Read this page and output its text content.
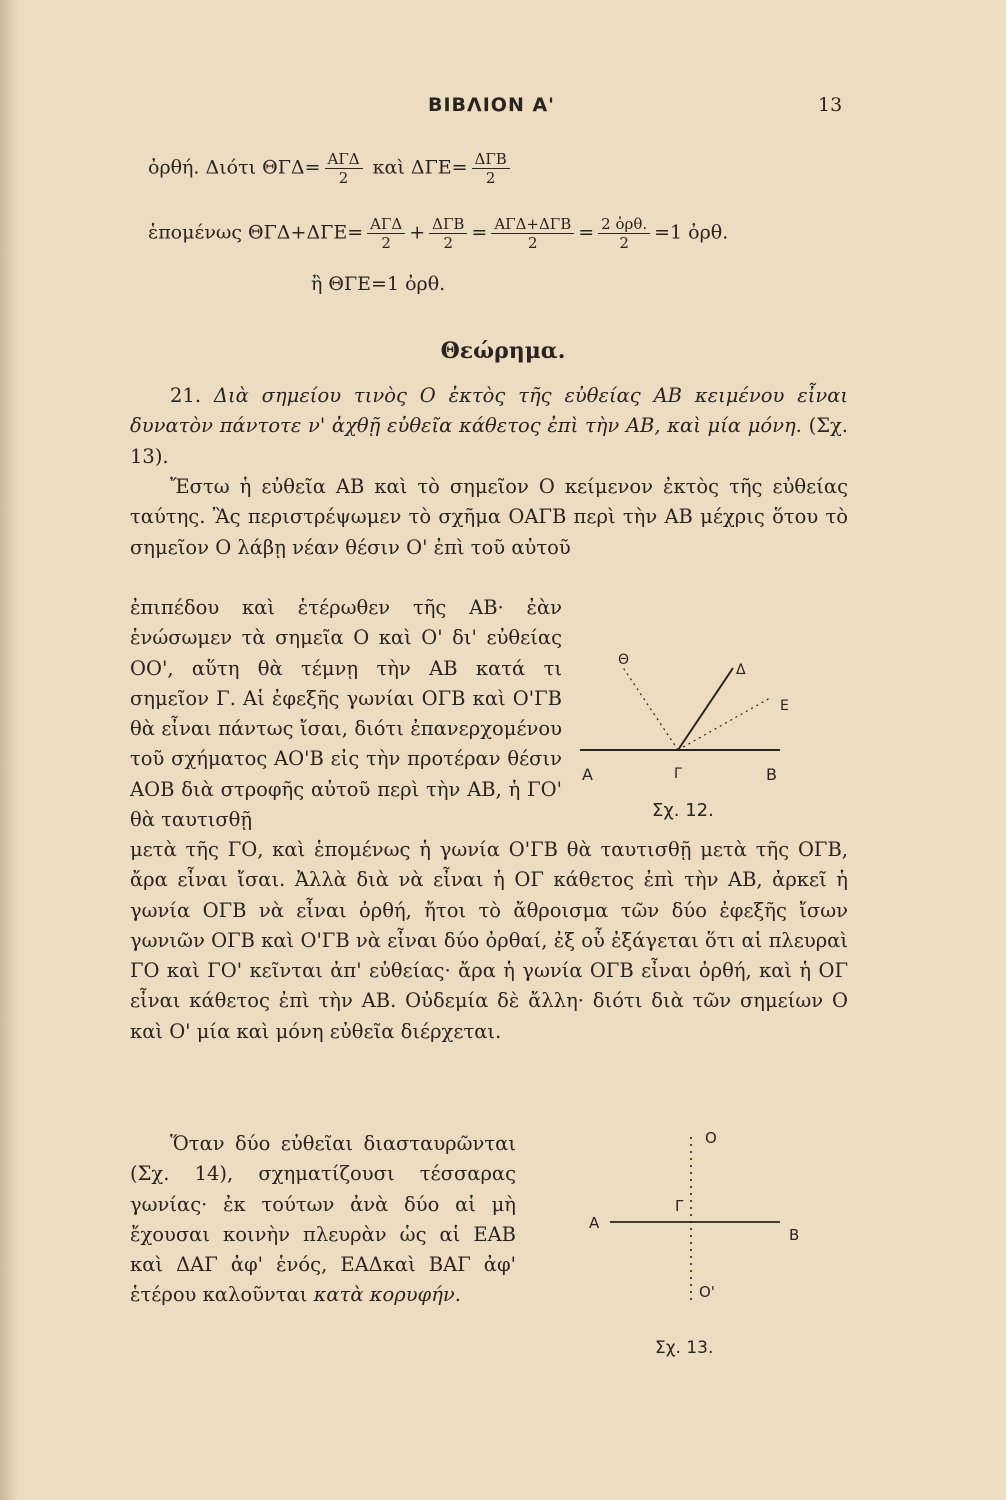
ΒΙΒΛΙΟΝ Α'	13
ὀρθή. Διότι $\Theta\Gamma\Delta= \frac{\text{ΑΓΔ}}{2}$ καὶ $\Delta\Gamma E= \frac{\text{ΔΓΒ}}{2}$
ἑπομένως $\Theta\Gamma\Delta+\Delta\Gamma E= \frac{\text{ΑΓΔ}}{2} + \frac{\text{ΔΓΒ}}{2} = \frac{\text{ΑΓΔ+ΔΓΒ}}{2} = \frac{\text{2 ὀρθ.}}{2} =1$ ὀρθ.
ἢ ΘΓΕ=1 ὀρθ.
Θεώρημα.

21. Διὰ σημείου τινὸς Ο ἐκτὸς τῆς εὐθείας ΑΒ κειμένου εἶναι δυνατὸν πάντοτε ν' ἀχθῇ εὐθεῖα κάθετος ἐπὶ τὴν ΑΒ, καὶ μία μόνη. (Σχ. 13).

Ἔστω ἡ εὐθεῖα ΑΒ καὶ τὸ σημεῖον Ο κείμενον ἐκτὸς τῆς εὐθείας ταύτης. Ἂς περιστρέψωμεν τὸ σχῆμα ΟΑΓΒ περὶ τὴν ΑΒ μέχρις ὅτου τὸ σημεῖον Ο λάβῃ νέαν θέσιν Ο' ἐπὶ τοῦ αὐτοῦ

ἐπιπέδου καὶ ἑτέρωθεν τῆς ΑΒ· ἐὰν ἑνώσωμεν τὰ σημεῖα Ο καὶ Ο' δι' εὐθείας ΟΟ', αὕτη θὰ τέμνῃ τὴν ΑΒ κατά τι σημεῖον Γ. Αἱ ἐφεξῆς γωνίαι ΟΓΒ καὶ Ο'ΓΒ θὰ εἶναι πάντως ἴσαι, διότι ἐπανερχομένου τοῦ σχήματος ΑΟ'Β εἰς τὴν προτέραν θέσιν ΑΟΒ διὰ στροφῆς αὐτοῦ περὶ τὴν ΑΒ, ἡ ΓΟ' θὰ ταυτισθῇ

Θ
Δ
Ε
Α	Γ	Β
Σχ. 12.

μετὰ τῆς ΓΟ, καὶ ἑπομένως ἡ γωνία Ο'ΓΒ θὰ ταυτισθῇ μετὰ τῆς ΟΓΒ, ἄρα εἶναι ἴσαι. Ἀλλὰ διὰ νὰ εἶναι ἡ ΟΓ κάθετος ἐπὶ τὴν ΑΒ, ἀρκεῖ ἡ γωνία ΟΓΒ νὰ εἶναι ὀρθή, ἤτοι τὸ ἄθροισμα τῶν δύο ἐφεξῆς ἴσων γωνιῶν ΟΓΒ καὶ Ο'ΓΒ νὰ εἶναι δύο ὀρθαί, ἐξ οὗ ἐξάγεται ὅτι αἱ πλευραὶ ΓΟ καὶ ΓΟ' κεῖνται ἀπ' εὐθείας· ἄρα ἡ γωνία ΟΓΒ εἶναι ὀρθή, καὶ ἡ ΟΓ εἶναι κάθετος ἐπὶ τὴν ΑΒ. Οὐδεμία δὲ ἄλλη· διότι διὰ τῶν σημείων Ο καὶ Ο' μία καὶ μόνη εὐθεῖα διέρχεται.

Ὅταν δύο εὐθεῖαι διασταυρῶνται (Σχ. 14), σχηματίζουσι τέσσαρας γωνίας· ἐκ τούτων ἀνὰ δύο αἱ μὴ ἔχουσαι κοινὴν πλευρὰν ὡς αἱ ΕΑΒ καὶ ΔΑΓ ἀφ' ἑνός, ΕΑΔκαὶ ΒΑΓ ἀφ' ἑτέρου καλοῦνται κατὰ κορυφήν.

Ο
Α
Γ
Β
Ο'
Σχ. 13.
